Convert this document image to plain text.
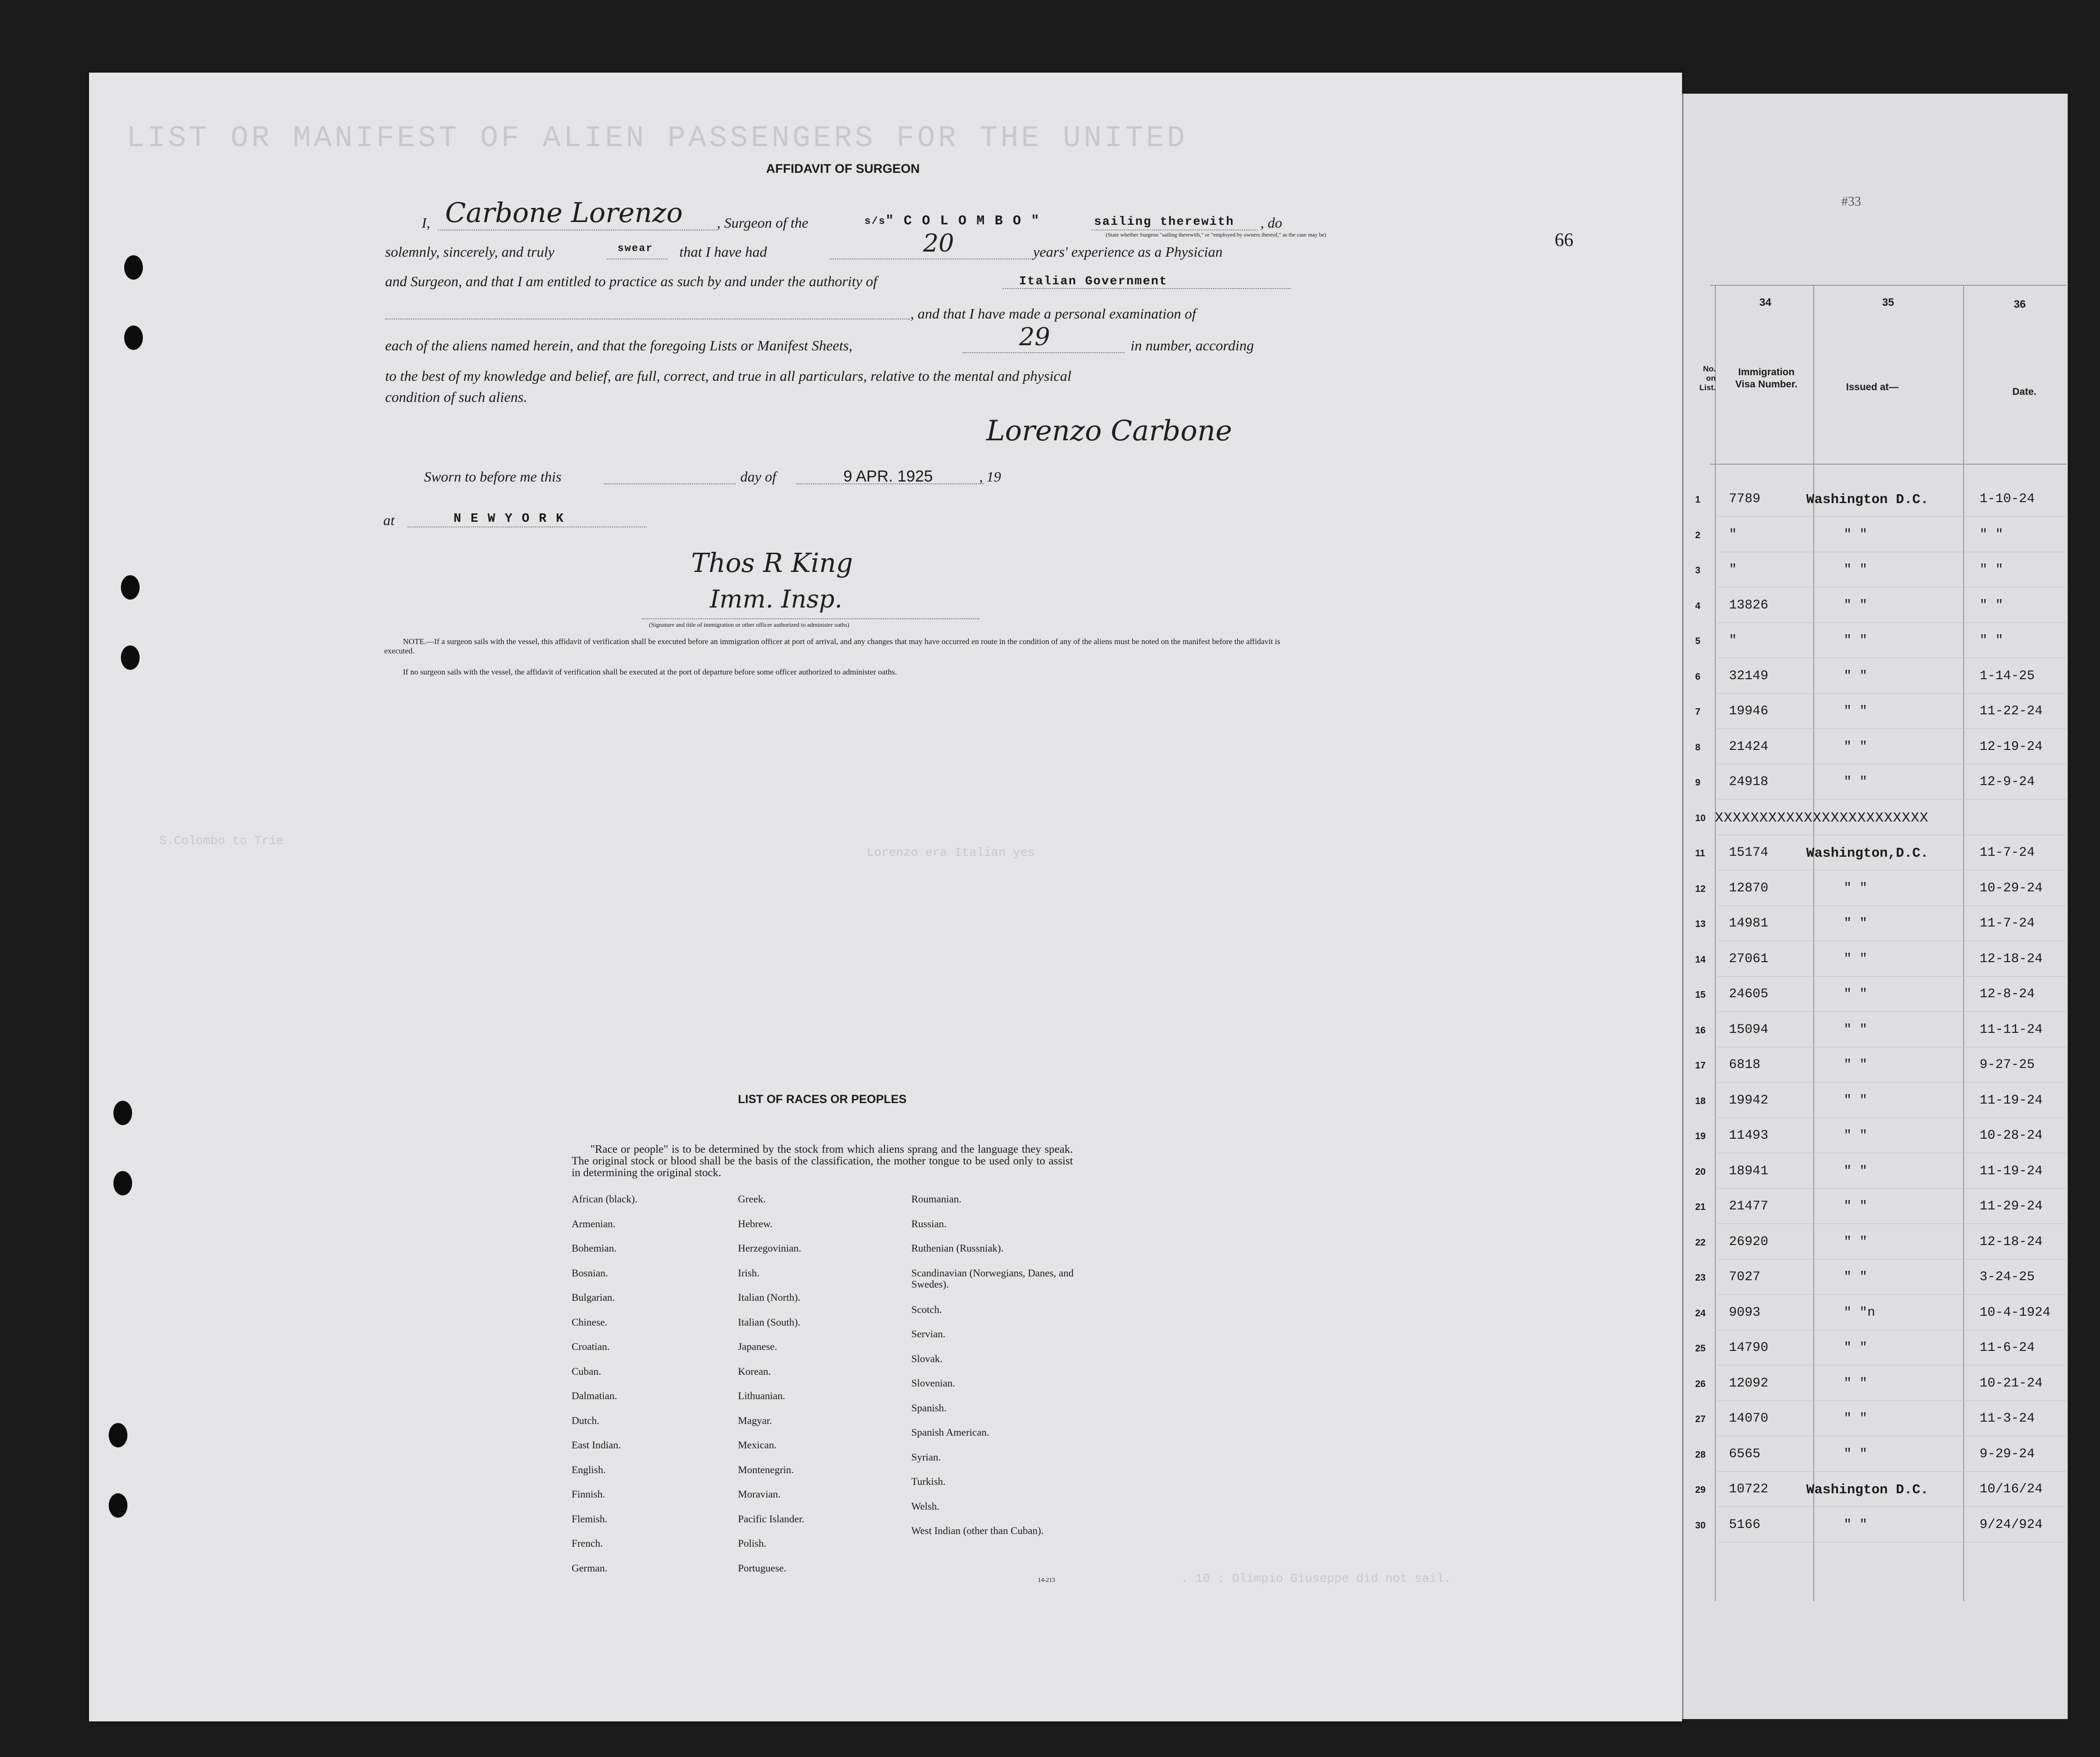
LIST OR MANIFEST OF ALIEN PASSENGERS FOR THE UNITED
S.Colombo to Trie
Lorenzo era Italian yes
. 10 : Olimpio Giuseppe did not sail.
66
#33
AFFIDAVIT OF SURGEON
I, Carbone Lorenzo , Surgeon of the	s/s " C O L O M B O "	sailing therewith
(State whether Surgeon "sailing therewith," or "employed by owners thereof," as the case may be)
, do
solemnly, sincerely, and truly	swear that I have had	20	years' experience as a Physician
and Surgeon, and that I am entitled to practice as such by and under the authority of	Italian Government
, and that I have made a personal examination of
each of the aliens named herein, and that the foregoing Lists or Manifest Sheets,	29	in number, according
to the best of my knowledge and belief, are full, correct, and true in all particulars, relative to the mental and physical
condition of such aliens.
Lorenzo Carbone
Sworn to before me this	day of	9 APR. 1925	, 19
at	N E W Y O R K
Thos R King
Imm. Insp.
(Signature and title of immigration or other officer authorized to administer oaths)
NOTE.—If a surgeon sails with the vessel, this affidavit of verification shall be executed before an immigration officer at port of arrival, and any changes that may have occurred en route in the condition of any of the aliens must be noted on the manifest before the affidavit is executed.
If no surgeon sails with the vessel, the affidavit of verification shall be executed at the port of departure before some officer authorized to administer oaths.
LIST OF RACES OR PEOPLES
"Race or people" is to be determined by the stock from which aliens sprang and the language they speak. The original stock or blood shall be the basis of the classification, the mother tongue to be used only to assist in determining the original stock.
African (black).
Armenian.
Bohemian.
Bosnian.
Bulgarian.
Chinese.
Croatian.
Cuban.
Dalmatian.
Dutch.
East Indian.
English.
Finnish.
Flemish.
French.
German.
Greek.
Hebrew.
Herzegovinian.
Irish.
Italian (North).
Italian (South).
Japanese.
Korean.
Lithuanian.
Magyar.
Mexican.
Montenegrin.
Moravian.
Pacific Islander.
Polish.
Portuguese.
Roumanian.
Russian.
Ruthenian (Russniak).
Scandinavian (Norwegians, Danes, and Swedes).
Scotch.
Servian.
Slovak.
Slovenian.
Spanish.
Spanish American.
Syrian.
Turkish.
Welsh.
West Indian (other than Cuban).
14-213
34	35	36
No. on List.
Immigration Visa Number.	Issued at—	Date.
1 7789	Washington D.C.	1-10-24
2 "	" "	" "
3 "	" "	" "
4 13826	" "	" "
5 "	" "	" "
6 32149	" "	1-14-25
7 19946	" "	11-22-24
8 21424	" "	12-19-24
9 24918	" "	12-9-24
10 XXXXXXXXXXXXXXXXXXXXXXXX
11 15174	Washington,D.C.	11-7-24
12 12870	" "	10-29-24
13 14981	" "	11-7-24
14 27061	" "	12-18-24
15 24605	" "	12-8-24
16 15094	" "	11-11-24
17 6818	" "	9-27-25
18 19942	" "	11-19-24
19 11493	" "	10-28-24
20 18941	" "	11-19-24
21 21477	" "	11-29-24
22 26920	" "	12-18-24
23 7027	" "	3-24-25
24 9093	" "n	10-4-1924
25 14790	" "	11-6-24
26 12092	" "	10-21-24
27 14070	" "	11-3-24
28 6565	" "	9-29-24
29 10722	Washington D.C.	10/16/24
30 5166	" "	9/24/924
